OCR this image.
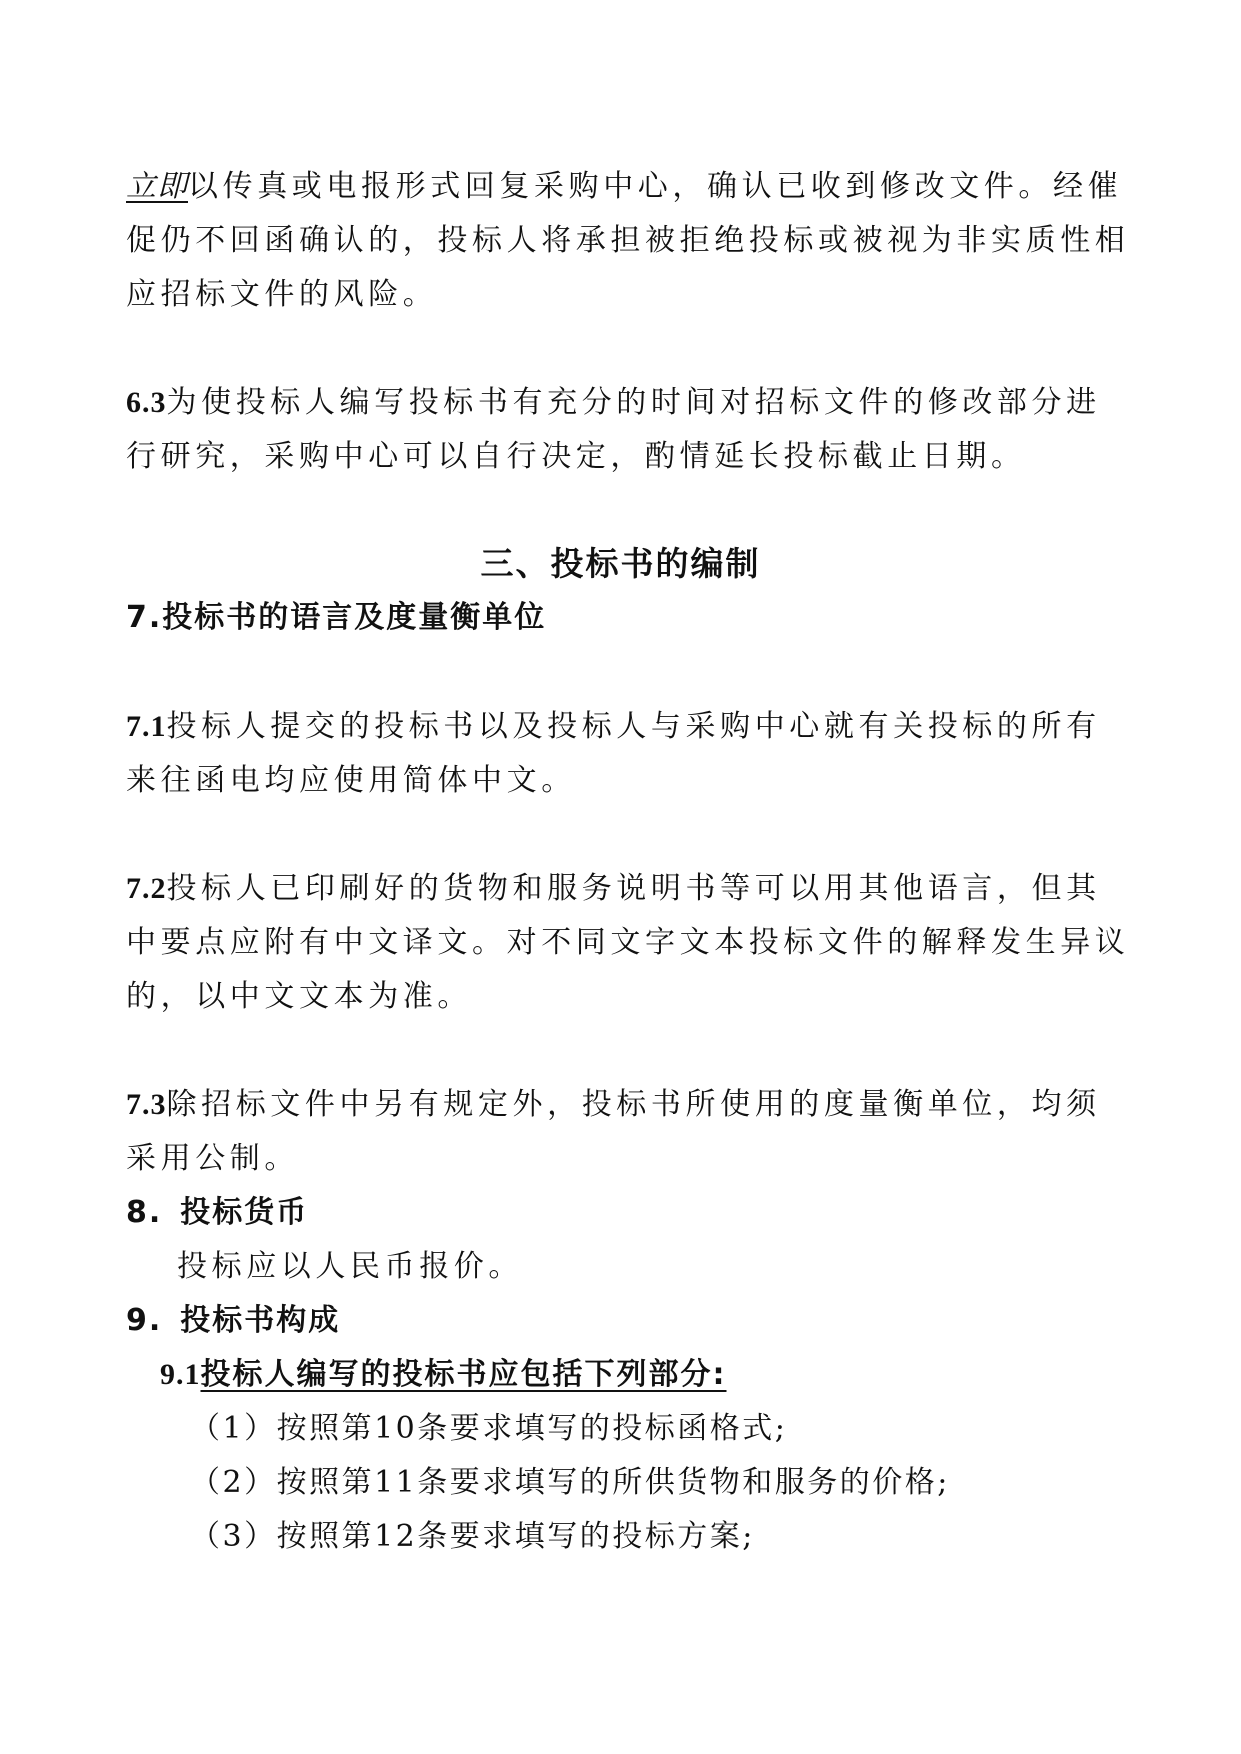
立即以传真或电报形式回复采购中心，确认已收到修改文件。经催
促仍不回函确认的，投标人将承担被拒绝投标或被视为非实质性相
应招标文件的风险。
6.3为使投标人编写投标书有充分的时间对招标文件的修改部分进
行研究，采购中心可以自行决定，酌情延长投标截止日期。
三、投标书的编制
7.投标书的语言及度量衡单位
7.1投标人提交的投标书以及投标人与采购中心就有关投标的所有
来往函电均应使用简体中文。
7.2投标人已印刷好的货物和服务说明书等可以用其他语言，但其
中要点应附有中文译文。对不同文字文本投标文件的解释发生异议
的，以中文文本为准。
7.3除招标文件中另有规定外，投标书所使用的度量衡单位，均须
采用公制。
8. 投标货币
投标应以人民币报价。
9. 投标书构成
9.1投标人编写的投标书应包括下列部分:
（1）按照第10条要求填写的投标函格式;
（2）按照第11条要求填写的所供货物和服务的价格;
（3）按照第12条要求填写的投标方案;
